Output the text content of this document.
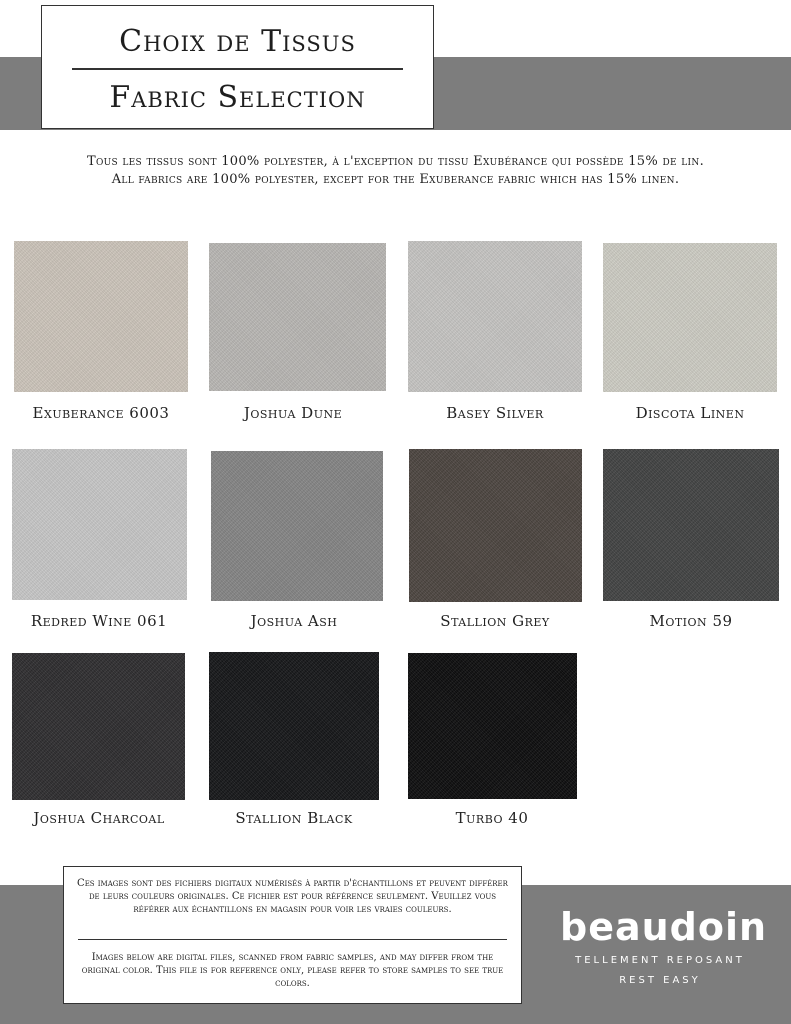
Choix de Tissus
Fabric Selection
Tous les tissus sont 100% polyester, à l'exception du tissu Exubérance qui possède 15% de lin.
All fabrics are 100% polyester, except for the Exuberance fabric which has 15% linen.
Exuberance 6003	Joshua Dune	Basey Silver	Discota Linen
Redred Wine 061	Joshua Ash	Stallion Grey	Motion 59
Joshua Charcoal	Stallion Black	Turbo 40
Ces images sont des fichiers digitaux numérisés à partir d'échantillons et peuvent différer de leurs couleurs originales. Ce fichier est pour référence seulement. Veuillez vous référer aux échantillons en magasin pour voir les vraies couleurs.
Images below are digital files, scanned from fabric samples, and may differ from the original color. This file is for reference only, please refer to store samples to see true colors.
beaudoin
TELLEMENT REPOSANT
REST EASY
